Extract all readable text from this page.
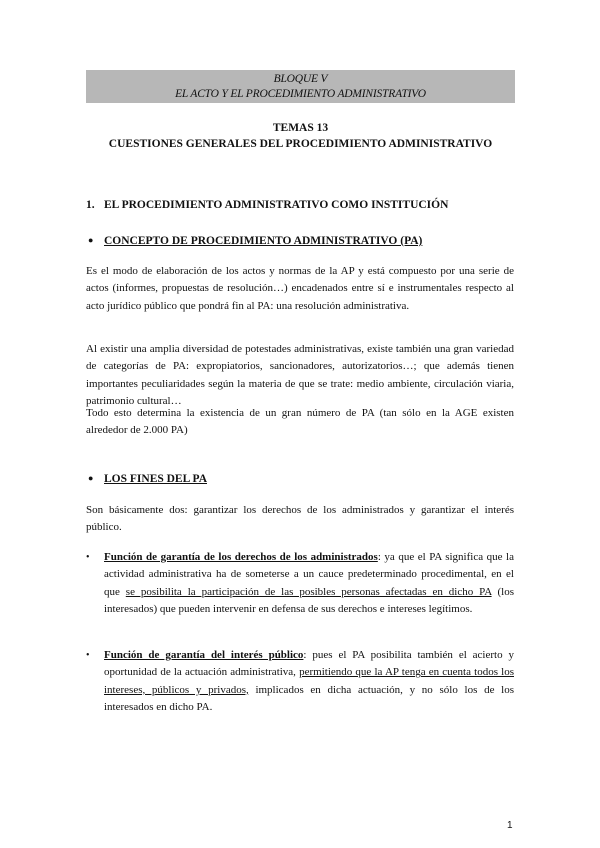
BLOQUE V
EL ACTO Y EL PROCEDIMIENTO ADMINISTRATIVO
TEMAS 13
CUESTIONES GENERALES DEL PROCEDIMIENTO ADMINISTRATIVO
1. EL PROCEDIMIENTO ADMINISTRATIVO COMO INSTITUCIÓN
● CONCEPTO DE PROCEDIMIENTO ADMINISTRATIVO (PA)
Es el modo de elaboración de los actos y normas de la AP y está compuesto por una serie de actos (informes, propuestas de resolución…) encadenados entre sí e instrumentales respecto al acto jurídico público que pondrá fin al PA: una resolución administrativa.
Al existir una amplia diversidad de potestades administrativas, existe también una gran variedad de categorías de PA: expropiatorios, sancionadores, autorizatorios…; que además tienen importantes peculiaridades según la materia de que se trate: medio ambiente, circulación viaria, patrimonio cultural…
Todo esto determina la existencia de un gran número de PA (tan sólo en la AGE existen alrededor de 2.000 PA)
● LOS FINES DEL PA
Son básicamente dos: garantizar los derechos de los administrados y garantizar el interés público.
• Función de garantía de los derechos de los administrados: ya que el PA significa que la actividad administrativa ha de someterse a un cauce predeterminado procedimental, en el que se posibilita la participación de las posibles personas afectadas en dicho PA (los interesados) que pueden intervenir en defensa de sus derechos e intereses legítimos.
• Función de garantía del interés público: pues el PA posibilita también el acierto y oportunidad de la actuación administrativa, permitiendo que la AP tenga en cuenta todos los intereses, públicos y privados, implicados en dicha actuación, y no sólo los de los interesados en dicho PA.
1
